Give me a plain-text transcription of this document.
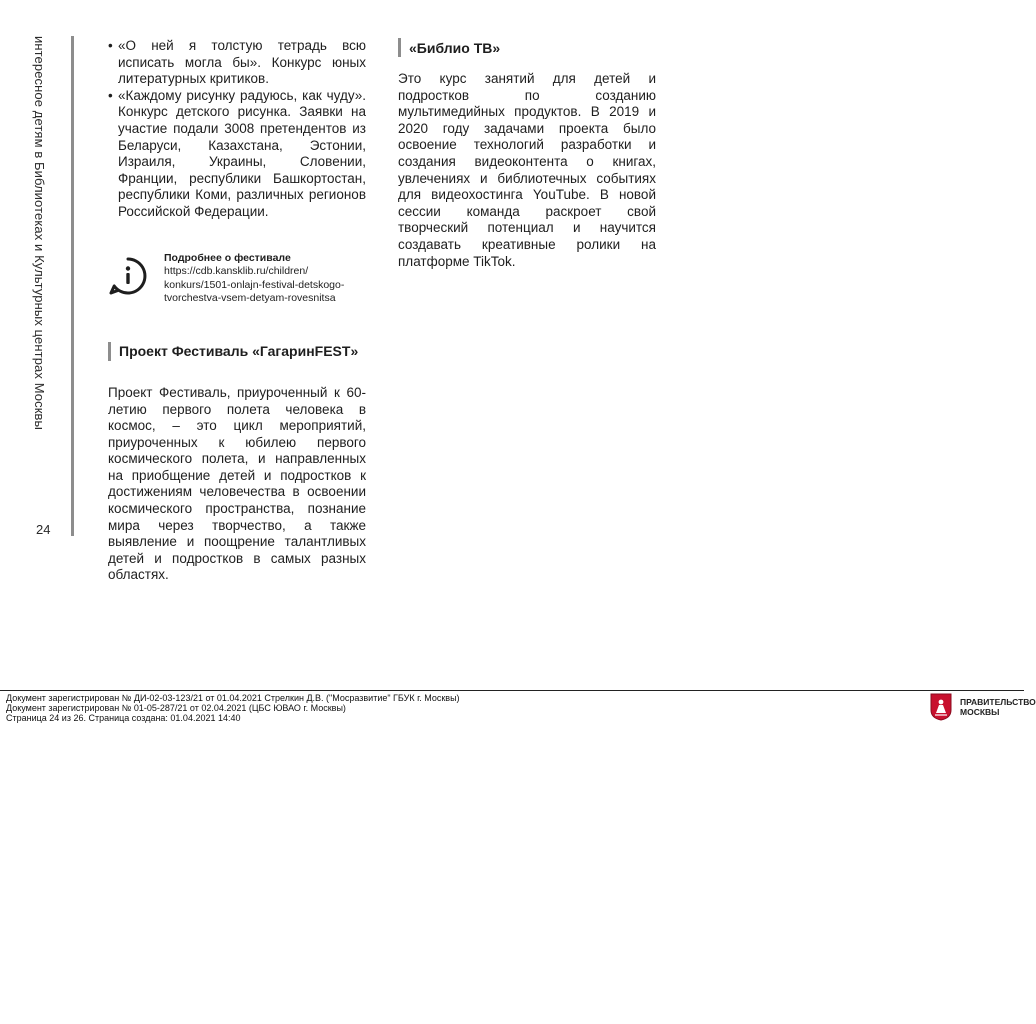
интересное детям в Библиотеках и Культурных центрах Москвы
24
• «О ней я толстую тетрадь всю исписать могла бы». Конкурс юных литературных критиков.
• «Каждому рисунку радуюсь, как чуду». Конкурс детского рисунка. Заявки на участие подали 3008 претендентов из Беларуси, Казахстана, Эстонии, Израиля, Украины, Словении, Франции, республики Башкортостан, республики Коми, различных регионов Российской Федерации.
Подробнее о фестивале
https://cdb.kansklib.ru/children/
konkurs/1501-onlajn-festival-detskogo-
tvorchestva-vsem-detyam-rovesnitsa
Проект Фестиваль «ГагаринFEST»
Проект Фестиваль, приуроченный к 60-летию первого полета человека в космос, – это цикл мероприятий, приуроченных к юбилею первого космического полета, и направленных на приобщение детей и подростков к достижениям человечества в освоении космического пространства, познание мира через творчество, а также выявление и поощрение талантливых детей и подростков в самых разных областях.
«Библио ТВ»
Это курс занятий для детей и подростков по созданию мультимедийных продуктов. В 2019 и 2020 году задачами проекта было освоение технологий разработки и создания видеоконтента о книгах, увлечениях и библиотечных событиях для видеохостинга YouTube. В новой сессии команда раскроет свой творческий потенциал и научится создавать креативные ролики на платформе TikTok.
Документ зарегистрирован № ДИ-02-03-123/21 от 01.04.2021 Стрелкин Д.В. ("Мосразвитие" ГБУК г. Москвы)
Документ зарегистрирован № 01-05-287/21 от 02.04.2021 (ЦБС ЮВАО г. Москвы)
Страница 24 из 26. Страница создана: 01.04.2021 14:40
ПРАВИТЕЛЬСТВО
МОСКВЫ
